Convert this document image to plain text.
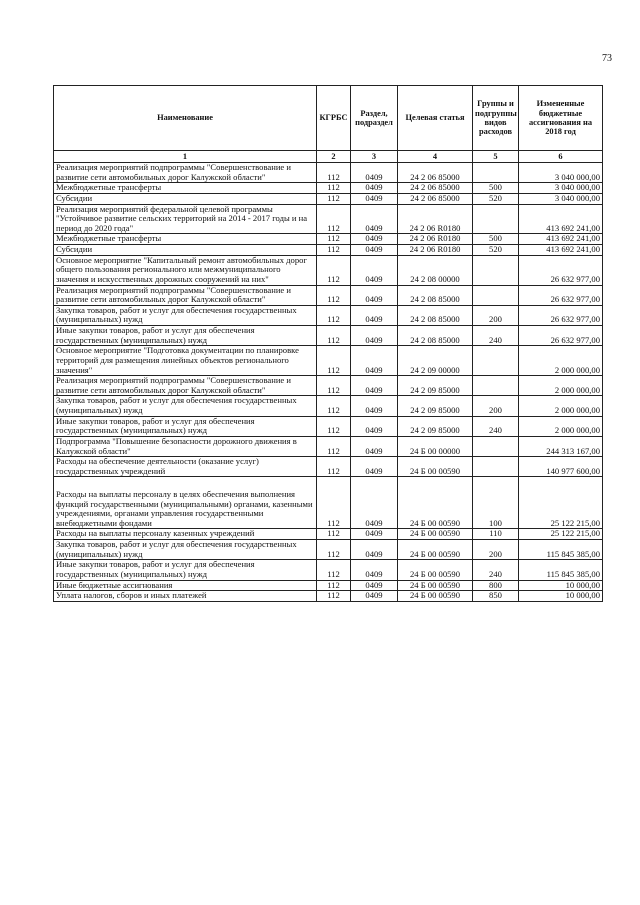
73
Наименование	КГРБС	Раздел, подраздел	Целевая статья	Группы и подгруппы видов расходов	Измененные бюджетные ассигнования на 2018 год
1	2	3	4	5	6
Реализация мероприятий подпрограммы "Совершенствование и развитие сети автомобильных дорог Калужской области"	112	0409	24 2 06 85000		3 040 000,00
Межбюджетные трансферты	112	0409	24 2 06 85000	500	3 040 000,00
Субсидии	112	0409	24 2 06 85000	520	3 040 000,00
Реализация мероприятий федеральной целевой программы "Устойчивое развитие сельских территорий на 2014 - 2017 годы и на период до 2020 года"	112	0409	24 2 06 R0180		413 692 241,00
Межбюджетные трансферты	112	0409	24 2 06 R0180	500	413 692 241,00
Субсидии	112	0409	24 2 06 R0180	520	413 692 241,00
Основное мероприятие "Капитальный ремонт автомобильных дорог общего пользования регионального или межмуниципального значения и искусственных дорожных сооружений на них"	112	0409	24 2 08 00000		26 632 977,00
Реализация мероприятий подпрограммы "Совершенствование и развитие сети автомобильных дорог Калужской области"	112	0409	24 2 08 85000		26 632 977,00
Закупка товаров, работ и услуг для обеспечения государственных (муниципальных) нужд	112	0409	24 2 08 85000	200	26 632 977,00
Иные закупки товаров, работ и услуг для обеспечения государственных (муниципальных) нужд	112	0409	24 2 08 85000	240	26 632 977,00
Основное мероприятие "Подготовка документации по планировке территорий для размещения линейных объектов регионального значения"	112	0409	24 2 09 00000		2 000 000,00
Реализация мероприятий подпрограммы "Совершенствование и развитие сети автомобильных дорог Калужской области"	112	0409	24 2 09 85000		2 000 000,00
Закупка товаров, работ и услуг для обеспечения государственных (муниципальных) нужд	112	0409	24 2 09 85000	200	2 000 000,00
Иные закупки товаров, работ и услуг для обеспечения государственных (муниципальных) нужд	112	0409	24 2 09 85000	240	2 000 000,00
Подпрограмма "Повышение безопасности дорожного движения в Калужской области"	112	0409	24 Б 00 00000		244 313 167,00
Расходы на обеспечение деятельности (оказание услуг) государственных учреждений	112	0409	24 Б 00 00590		140 977 600,00
Расходы на выплаты персоналу в целях обеспечения выполнения функций государственными (муниципальными) органами, казенными учреждениями, органами управления государственными внебюджетными фондами	112	0409	24 Б 00 00590	100	25 122 215,00
Расходы на выплаты персоналу казенных учреждений	112	0409	24 Б 00 00590	110	25 122 215,00
Закупка товаров, работ и услуг для обеспечения государственных (муниципальных) нужд	112	0409	24 Б 00 00590	200	115 845 385,00
Иные закупки товаров, работ и услуг для обеспечения государственных (муниципальных) нужд	112	0409	24 Б 00 00590	240	115 845 385,00
Иные бюджетные ассигнования	112	0409	24 Б 00 00590	800	10 000,00
Уплата налогов, сборов и иных платежей	112	0409	24 Б 00 00590	850	10 000,00
